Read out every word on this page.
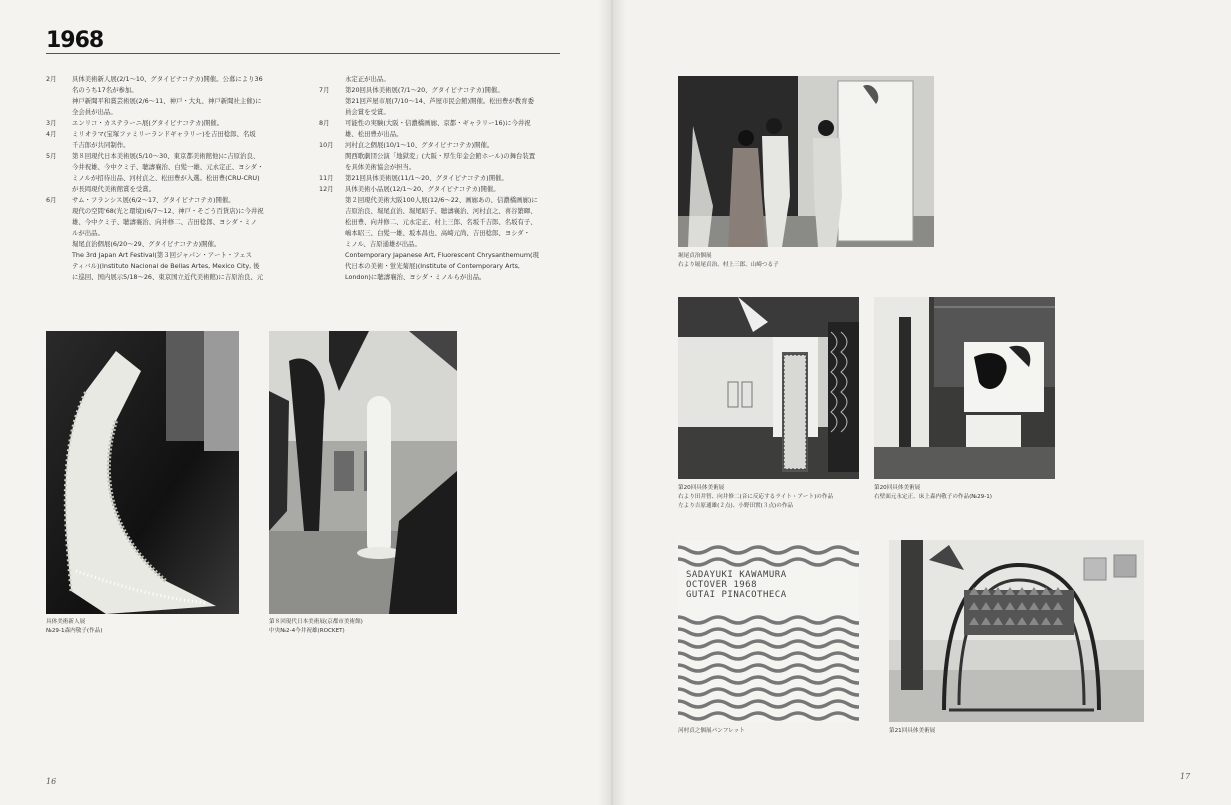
1968
2月	具体美術新人展(2/1～10、グタイピナコテカ)開催。公募により36
名のうち17名が参加。
神戸新聞平和賞芸術展(2/6～11、神戸・大丸、神戸新聞社主催)に
全会員が出品。
3月	エンリコ・カステラーニ展(グタイピナコテカ)開催。
4月	ミリオラマ(宝塚ファミリーランドギャラリー)を吉田稔郎、名坂
千吉郎が共同制作。
5月	第８回現代日本美術展(5/10～30、東京都美術館他)に吉原治良、
今井祝雄、今中クミ子、聴濤襄治、白髪一雄、元永定正、ヨシダ・
ミノルが招待出品、河村貞之、松田豊が入選。松田豊(CRU-CRU)
が長岡現代美術館賞を受賞。
6月	サム・フランシス展(6/2～17、グタイピナコテカ)開催。
現代の空間'68(光と環境)(6/7～12、神戸・そごう百貨店)に今井祝
雄、今中クミ子、聴濤襄治、向井修二、吉田稔郎、ヨシダ・ミノ
ルが出品。
堀尾貞治個展(6/20～29、グタイピナコテカ)開催。
The 3rd Japan Art Festival(第３回ジャパン・アート・フェス
ティバル)(Instituto Nacional de Bellas Artes, Mexico City, 後
に巡回、国内展示5/18～26、東京国立近代美術館)に吉原治良、元
永定正が出品。
7月	第20回具体美術展(7/1～20、グタイピナコテカ)開催。
第21回芦屋市展(7/10～14、芦屋市民会館)開催。松田豊が教育委
員会賞を受賞。
8月	可能性の実験(大阪・信濃橋画廊、京都・ギャラリー16)に今井祝
雄、松田豊が出品。
10月	河村貞之個展(10/1～10、グタイピナコテカ)開催。
関西歌劇団公演「地獄変」(大阪・厚生年金会館ホール)の舞台装置
を具体美術協会が担当。
11月	第21回具体美術展(11/1～20、グタイピナコテカ)開催。
12月	具体美術小品展(12/1～20、グタイピナコテカ)開催。
第２回現代美術大阪100人展(12/6～22、画廊あの、信濃橋画廊)に
吉原治良、堀尾貞治、堀尾昭子、聴濤襄治、河村貞之、喜谷繁暉、
松田豊、向井修二、元永定正、村上三郎、名坂千吉郎、名坂有子、
嶋本昭三、白髪一雄、坂本昌也、高崎元尚、吉田稔郎、ヨシダ・
ミノル、吉原通雄が出品。
Contemporary Japanese Art, Fluorescent Chrysanthemum(現
代日本の美術・蛍光菊展)(Institute of Contemporary Arts,
London)に聴濤襄治、ヨシダ・ミノルらが出品。
具体美術新人展
№29-1森内敬子(作品)
第８回現代日本美術展(京都市美術館)
中央№2-4今井祝雄(ROCKET)
16
堀尾貞治個展
右より堀尾貞治、村上三郎、山崎つる子
第20回具体美術展
右より田井智、向井修二(音に反応するライト・アート)の作品
左より吉原通雄(２点)、小野田實(３点)の作品
第20回具体美術展
右壁面元永定正、床上森内敬子の作品(№29-1)
SADAYUKI KAWAMURA
OCTOVER 1968
GUTAI PINACOTHECA
河村貞之個展パンフレット	第21回具体美術展
17
